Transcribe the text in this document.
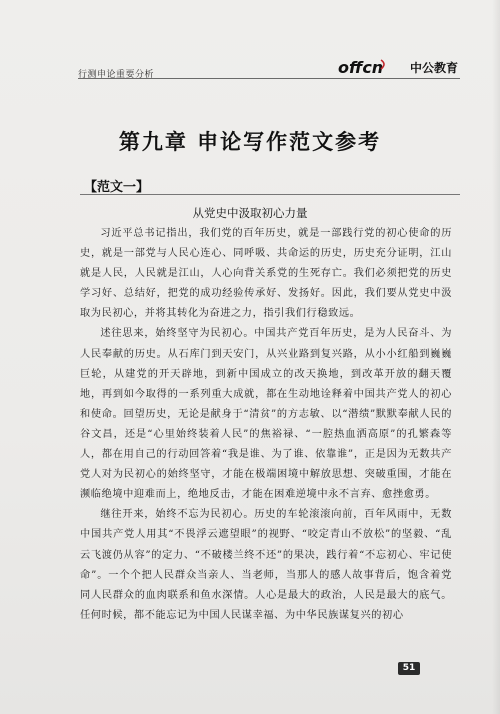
行测申论重要分析	offcn 中公教育
第九章 申论写作范文参考
【范文一】
从党史中汲取初心力量

习近平总书记指出，我们党的百年历史，就是一部践行党的初心使命的历史，就是一部党与人民心连心、同呼吸、共命运的历史，历史充分证明，江山就是人民，人民就是江山，人心向背关系党的生死存亡。我们必须把党的历史学习好、总结好，把党的成功经验传承好、发扬好。因此，我们要从党史中汲取为民初心，并将其转化为奋进之力，指引我们行稳致远。

述往思来，始终坚守为民初心。中国共产党百年历史，是为人民奋斗、为人民奉献的历史。从石库门到天安门，从兴业路到复兴路，从小小红船到巍巍巨轮，从建党的开天辟地，到新中国成立的改天换地，到改革开放的翻天覆地，再到如今取得的一系列重大成就，都在生动地诠释着中国共产党人的初心和使命。回望历史，无论是献身于“清贫”的方志敏、以“潜绩”默默奉献人民的谷文昌，还是“心里始终装着人民”的焦裕禄、“一腔热血洒高原”的孔繁森等人，都在用自己的行动回答着“我是谁、为了谁、依靠谁”，正是因为无数共产党人对为民初心的始终坚守，才能在极端困境中解放思想、突破重围，才能在濒临绝境中迎难而上，绝地反击，才能在困难逆境中永不言弃、愈挫愈勇。

继往开来，始终不忘为民初心。历史的车轮滚滚向前，百年风雨中，无数中国共产党人用其“不畏浮云遮望眼”的视野、“咬定青山不放松”的坚毅、“乱云飞渡仍从容”的定力、“不破楼兰终不还”的果决，践行着“不忘初心、牢记使命”。一个个把人民群众当亲人、当老师，当那人的感人故事背后，饱含着党同人民群众的血肉联系和鱼水深情。人心是最大的政治，人民是最大的底气。任何时候，都不能忘记为中国人民谋幸福、为中华民族谋复兴的初心

51
